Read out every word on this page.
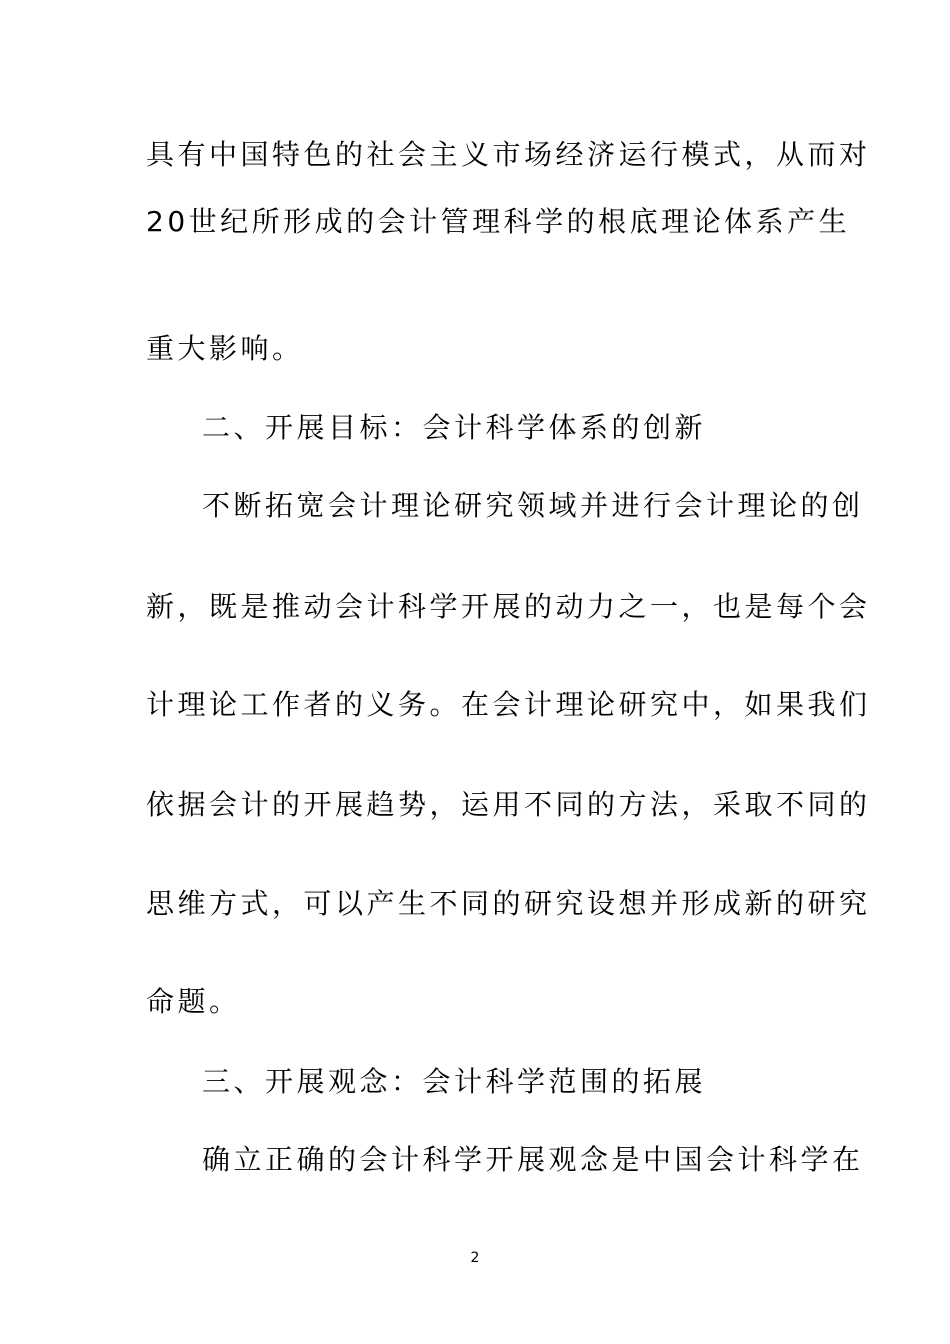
具有中国特色的社会主义市场经济运行模式，从而对
20世纪所形成的会计管理科学的根底理论体系产生
重大影响。
二、开展目标：会计科学体系的创新
不断拓宽会计理论研究领域并进行会计理论的创
新，既是推动会计科学开展的动力之一，也是每个会
计理论工作者的义务。在会计理论研究中，如果我们
依据会计的开展趋势，运用不同的方法，采取不同的
思维方式，可以产生不同的研究设想并形成新的研究
命题。
三、开展观念：会计科学范围的拓展
确立正确的会计科学开展观念是中国会计科学在
2
